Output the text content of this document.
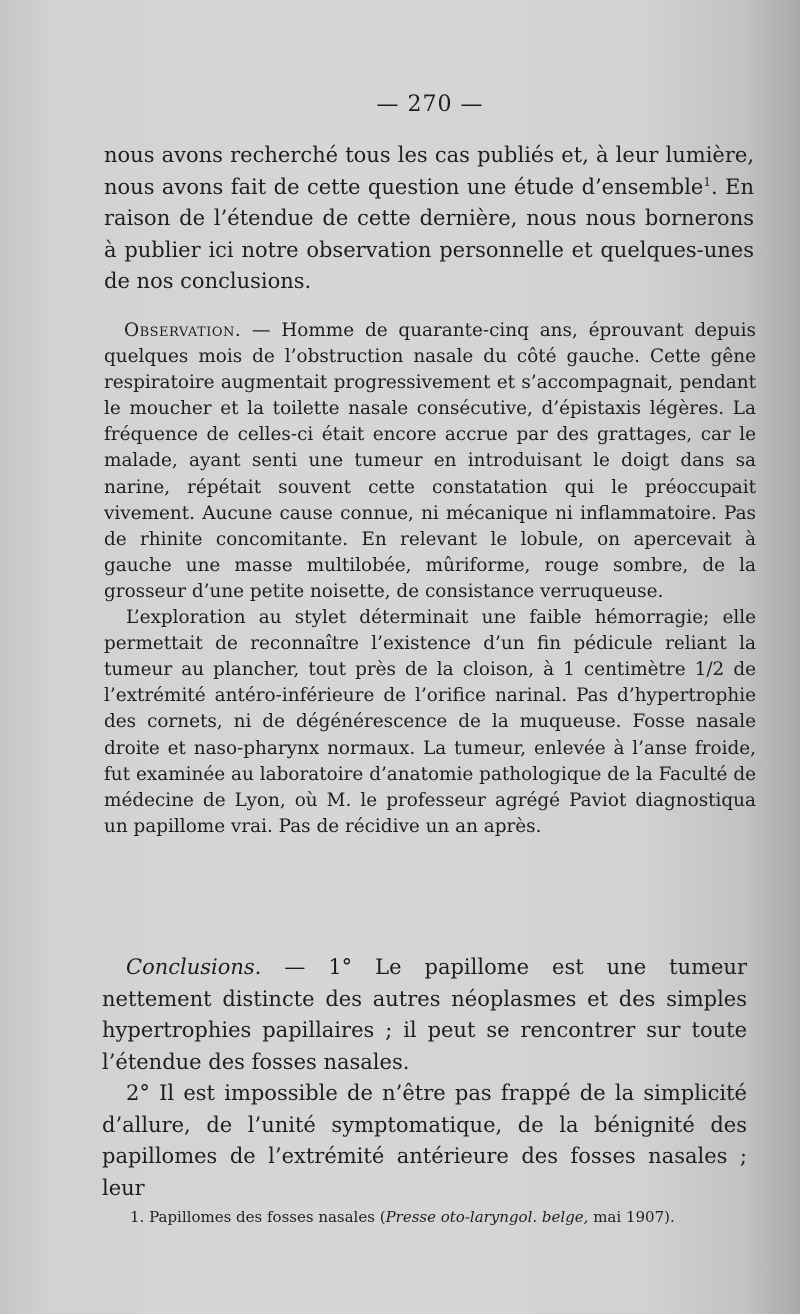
— 270 —

nous avons recherché tous les cas publiés et, à leur lumière, nous avons fait de cette question une étude d’ensemble$^1$. En raison de l’étendue de cette dernière, nous nous bornerons à publier ici notre observation personnelle et quelques-unes de nos conclusions.

Observation. — Homme de quarante-cinq ans, éprouvant depuis quelques mois de l’obstruction nasale du côté gauche. Cette gêne respiratoire augmentait progressivement et s’accompagnait, pendant le moucher et la toilette nasale consécutive, d’épistaxis légères. La fréquence de celles-ci était encore accrue par des grattages, car le malade, ayant senti une tumeur en introduisant le doigt dans sa narine, répétait souvent cette constatation qui le préoccupait vivement. Aucune cause connue, ni mécanique ni inflammatoire. Pas de rhinite concomitante. En relevant le lobule, on apercevait à gauche une masse multilobée, mûriforme, rouge sombre, de la grosseur d’une petite noisette, de consistance verruqueuse.

L’exploration au stylet déterminait une faible hémorragie; elle permettait de reconnaître l’existence d’un fin pédicule reliant la tumeur au plancher, tout près de la cloison, à 1 centimètre 1/2 de l’extrémité antéro-inférieure de l’orifice narinal. Pas d’hypertrophie des cornets, ni de dégénérescence de la muqueuse. Fosse nasale droite et naso-pharynx normaux. La tumeur, enlevée à l’anse froide, fut examinée au laboratoire d’anatomie pathologique de la Faculté de médecine de Lyon, où M. le professeur agrégé Paviot diagnostiqua un papillome vrai. Pas de récidive un an après.

Conclusions. — 1° Le papillome est une tumeur nettement distincte des autres néoplasmes et des simples hypertrophies papillaires ; il peut se rencontrer sur toute l’étendue des fosses nasales.

2° Il est impossible de n’être pas frappé de la simplicité d’allure, de l’unité symptomatique, de la bénignité des papillomes de l’extrémité antérieure des fosses nasales ; leur

1. Papillomes des fosses nasales (Presse oto-laryngol. belge, mai 1907).
